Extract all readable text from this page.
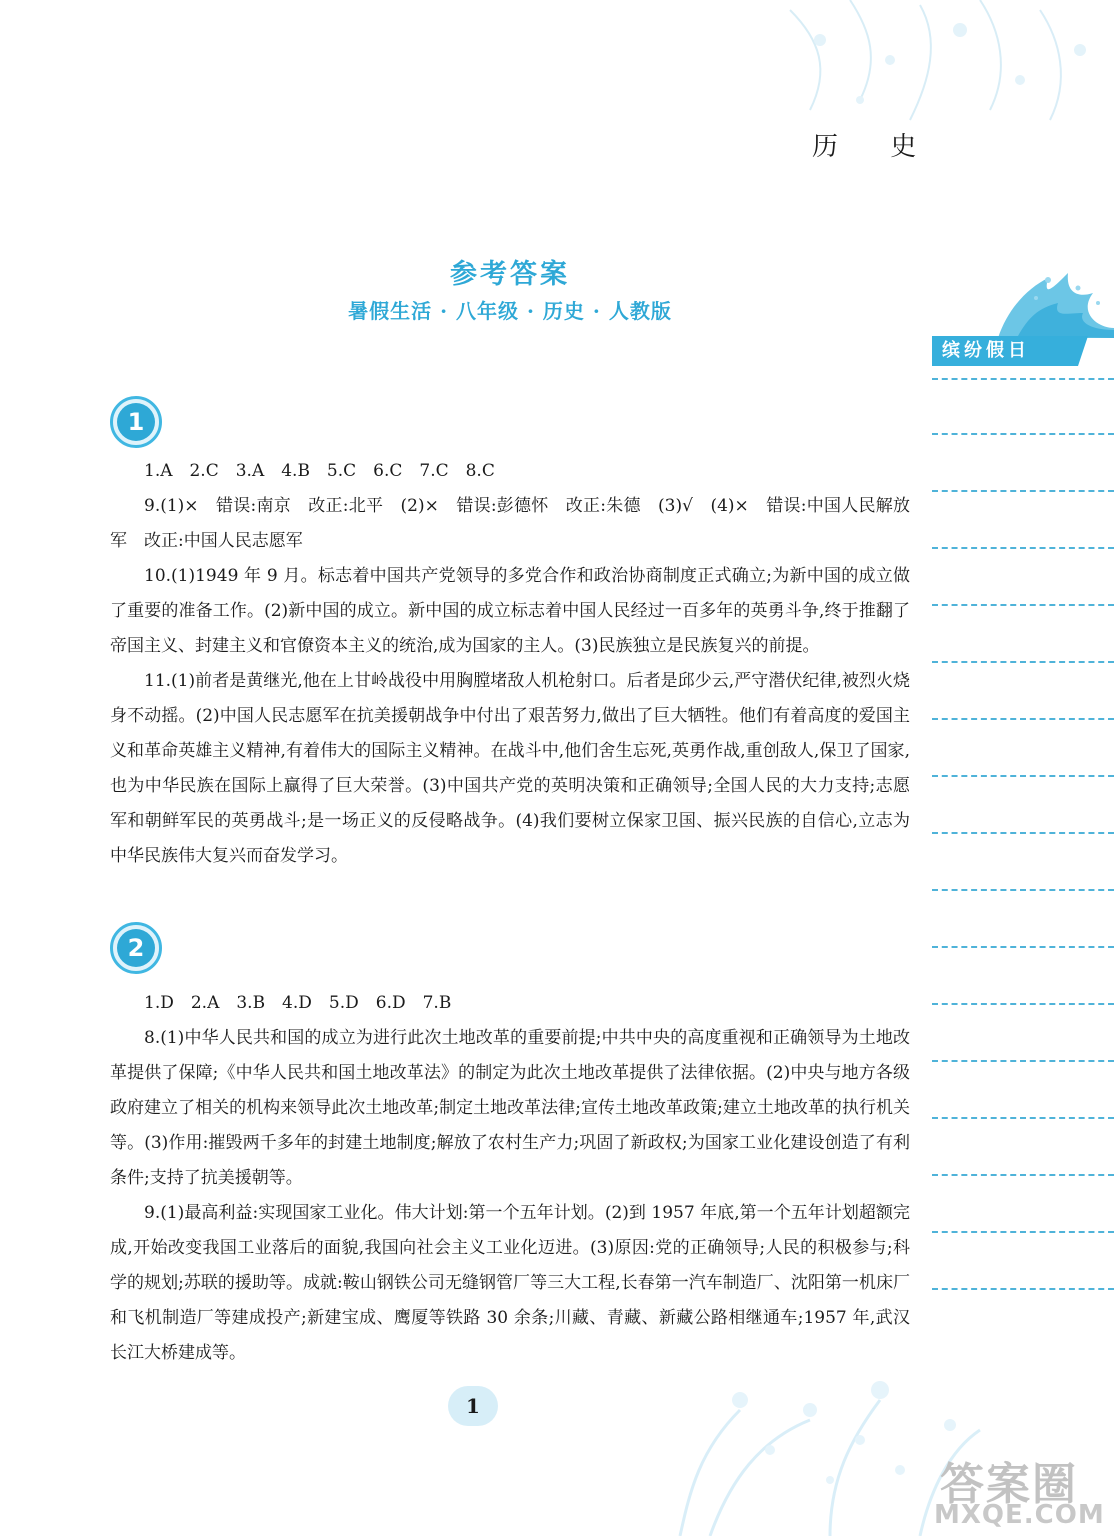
历 史
参考答案
暑假生活 · 八年级 · 历史 · 人教版
缤纷假日
1

1.A　2.C　3.A　4.B　5.C　6.C　7.C　8.C

9.(1)×　错误:南京　改正:北平　(2)×　错误:彭德怀　改正:朱德　(3)√　(4)×　错误:中国人民解放军　改正:中国人民志愿军

10.(1)1949 年 9 月。标志着中国共产党领导的多党合作和政治协商制度正式确立;为新中国的成立做了重要的准备工作。(2)新中国的成立。新中国的成立标志着中国人民经过一百多年的英勇斗争,终于推翻了帝国主义、封建主义和官僚资本主义的统治,成为国家的主人。(3)民族独立是民族复兴的前提。

11.(1)前者是黄继光,他在上甘岭战役中用胸膛堵敌人机枪射口。后者是邱少云,严守潜伏纪律,被烈火烧身不动摇。(2)中国人民志愿军在抗美援朝战争中付出了艰苦努力,做出了巨大牺牲。他们有着高度的爱国主义和革命英雄主义精神,有着伟大的国际主义精神。在战斗中,他们舍生忘死,英勇作战,重创敌人,保卫了国家,也为中华民族在国际上赢得了巨大荣誉。(3)中国共产党的英明决策和正确领导;全国人民的大力支持;志愿军和朝鲜军民的英勇战斗;是一场正义的反侵略战争。(4)我们要树立保家卫国、振兴民族的自信心,立志为中华民族伟大复兴而奋发学习。

2

1.D　2.A　3.B　4.D　5.D　6.D　7.B

8.(1)中华人民共和国的成立为进行此次土地改革的重要前提;中共中央的高度重视和正确领导为土地改革提供了保障;《中华人民共和国土地改革法》的制定为此次土地改革提供了法律依据。(2)中央与地方各级政府建立了相关的机构来领导此次土地改革;制定土地改革法律;宣传土地改革政策;建立土地改革的执行机关等。(3)作用:摧毁两千多年的封建土地制度;解放了农村生产力;巩固了新政权;为国家工业化建设创造了有利条件;支持了抗美援朝等。

9.(1)最高利益:实现国家工业化。伟大计划:第一个五年计划。(2)到 1957 年底,第一个五年计划超额完成,开始改变我国工业落后的面貌,我国向社会主义工业化迈进。(3)原因:党的正确领导;人民的积极参与;科学的规划;苏联的援助等。成就:鞍山钢铁公司无缝钢管厂等三大工程,长春第一汽车制造厂、沈阳第一机床厂和飞机制造厂等建成投产;新建宝成、鹰厦等铁路 30 余条;川藏、青藏、新藏公路相继通车;1957 年,武汉长江大桥建成等。

1
答案圈
MXQE.COM
